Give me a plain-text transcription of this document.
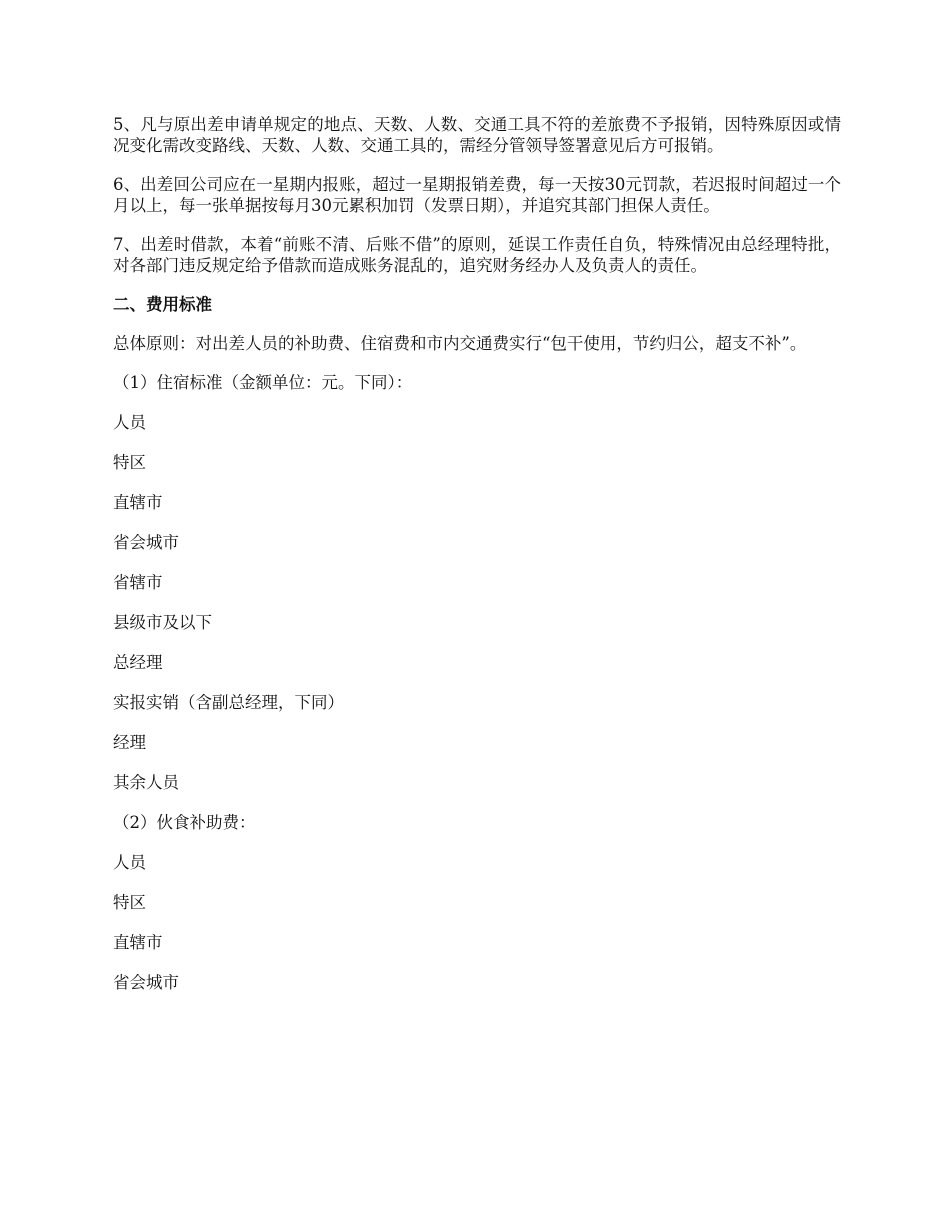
5、凡与原出差申请单规定的地点、天数、人数、交通工具不符的差旅费不予报销，因特殊原因或情况变化需改变路线、天数、人数、交通工具的，需经分管领导签署意见后方可报销。

6、出差回公司应在一星期内报账，超过一星期报销差费，每一天按30元罚款，若迟报时间超过一个月以上，每一张单据按每月30元累积加罚（发票日期），并追究其部门担保人责任。

7、出差时借款，本着“前账不清、后账不借”的原则，延误工作责任自负，特殊情况由总经理特批，对各部门违反规定给予借款而造成账务混乱的，追究财务经办人及负责人的责任。

二、费用标准

总体原则：对出差人员的补助费、住宿费和市内交通费实行“包干使用，节约归公，超支不补”。

（1）住宿标准（金额单位：元。下同）：

人员

特区

直辖市

省会城市

省辖市

县级市及以下

总经理

实报实销（含副总经理，下同）

经理

其余人员

（2）伙食补助费：

人员

特区

直辖市

省会城市
